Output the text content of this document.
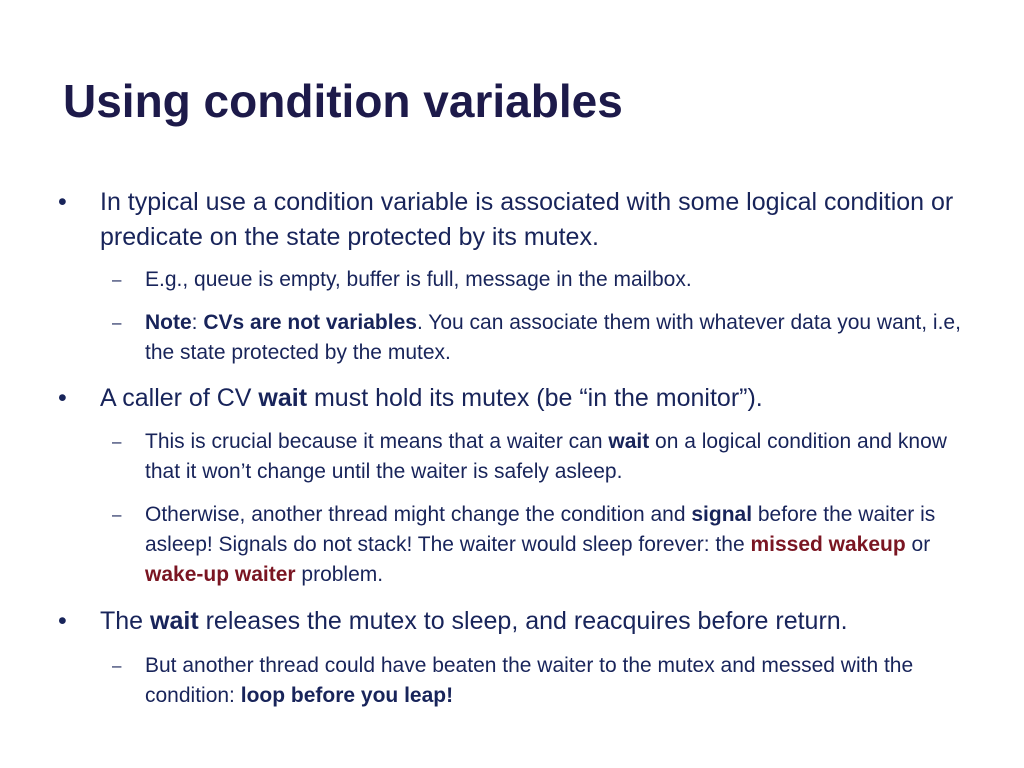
Using condition variables
• In typical use a condition variable is associated with some logical condition or predicate on the state protected by its mutex.
– E.g., queue is empty, buffer is full, message in the mailbox.
– Note: CVs are not variables. You can associate them with whatever data you want, i.e, the state protected by the mutex.
• A caller of CV wait must hold its mutex (be “in the monitor”).
– This is crucial because it means that a waiter can wait on a logical condition and know that it won’t change until the waiter is safely asleep.
– Otherwise, another thread might change the condition and signal before the waiter is asleep! Signals do not stack! The waiter would sleep forever: the missed wakeup or wake-up waiter problem.
• The wait releases the mutex to sleep, and reacquires before return.
– But another thread could have beaten the waiter to the mutex and messed with the condition: loop before you leap!
